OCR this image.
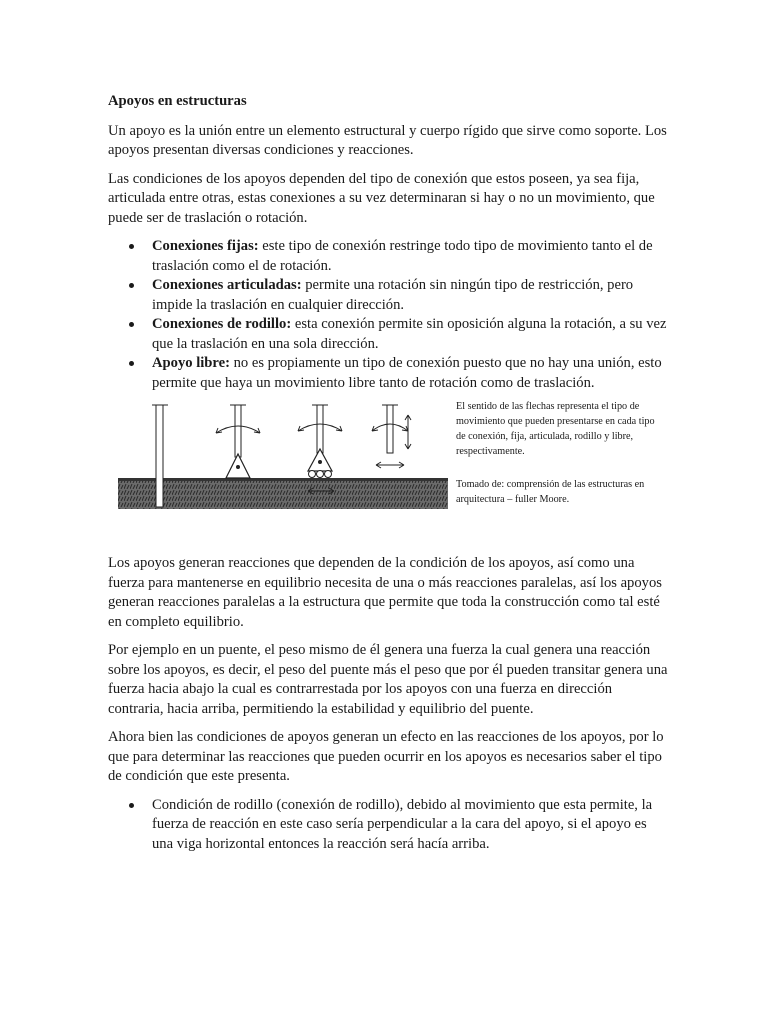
Apoyos en estructuras

Un apoyo es la unión entre un elemento estructural y cuerpo rígido que sirve como soporte. Los apoyos presentan diversas condiciones y reacciones.

Las condiciones de los apoyos dependen del tipo de conexión que estos poseen, ya sea fija, articulada entre otras, estas conexiones a su vez determinaran si hay o no un movimiento, que puede ser de traslación o rotación.

Conexiones fijas: este tipo de conexión restringe todo tipo de movimiento tanto el de traslación como el de rotación.
Conexiones articuladas: permite una rotación sin ningún tipo de restricción, pero impide la traslación en cualquier dirección.
Conexiones de rodillo: esta conexión permite sin oposición alguna la rotación, a su vez que la traslación en una sola dirección.
Apoyo libre: no es propiamente un tipo de conexión puesto que no hay una unión, esto permite que haya un movimiento libre tanto de rotación como de traslación.

El sentido de las flechas representa el tipo de movimiento que pueden presentarse en cada tipo de conexión, fija, articulada, rodillo y libre, respectivamente.

Tomado de: comprensión de las estructuras en arquitectura – fuller Moore.

Los apoyos generan reacciones que dependen de la condición de los apoyos, así como una fuerza para mantenerse en equilibrio necesita de una o más reacciones paralelas, así los apoyos generan reacciones paralelas a la estructura que permite que toda la construcción como tal esté en completo equilibrio.

Por ejemplo en un puente, el peso mismo de él genera una fuerza la cual genera una reacción sobre los apoyos, es decir, el peso del puente más el peso que por él pueden transitar genera una fuerza hacia abajo la cual es contrarrestada por los apoyos con una fuerza en dirección contraria, hacia arriba, permitiendo la estabilidad y equilibrio del puente.

Ahora bien las condiciones de apoyos generan un efecto en las reacciones de los apoyos, por lo que para determinar las reacciones que pueden ocurrir en los apoyos es necesarios saber el tipo de condición que este presenta.

Condición de rodillo (conexión de rodillo), debido al movimiento que esta permite, la fuerza de reacción en este caso sería perpendicular a la cara del apoyo, si el apoyo es una viga horizontal entonces la reacción será hacía arriba.
